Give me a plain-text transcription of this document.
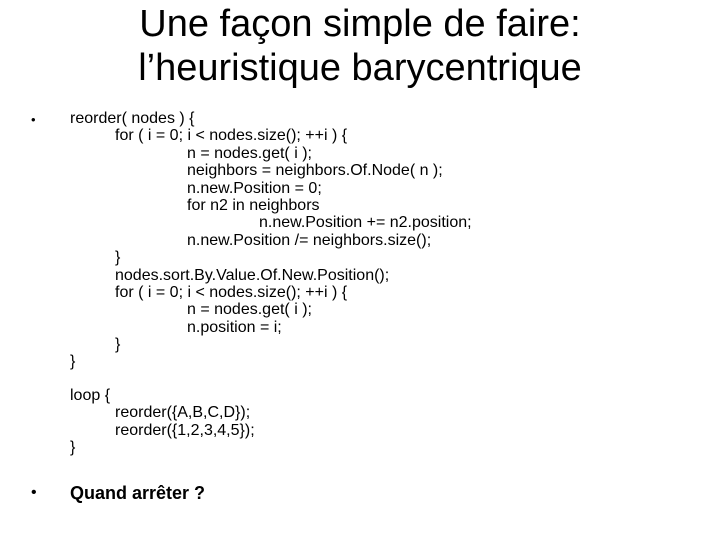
Une façon simple de faire:
l’heuristique barycentrique
• reorder( nodes ) {
for ( i = 0; i < nodes.size(); ++i ) {
n = nodes.get( i );
neighbors = neighbors.Of.Node( n );
n.new.Position = 0;
for n2 in neighbors
n.new.Position += n2.position;
n.new.Position /= neighbors.size();
}
nodes.sort.By.Value.Of.New.Position();
for ( i = 0; i < nodes.size(); ++i ) {
n = nodes.get( i );
n.position = i;
}
}
loop {
reorder({A,B,C,D});
reorder({1,2,3,4,5});
}
• Quand arrêter ?
